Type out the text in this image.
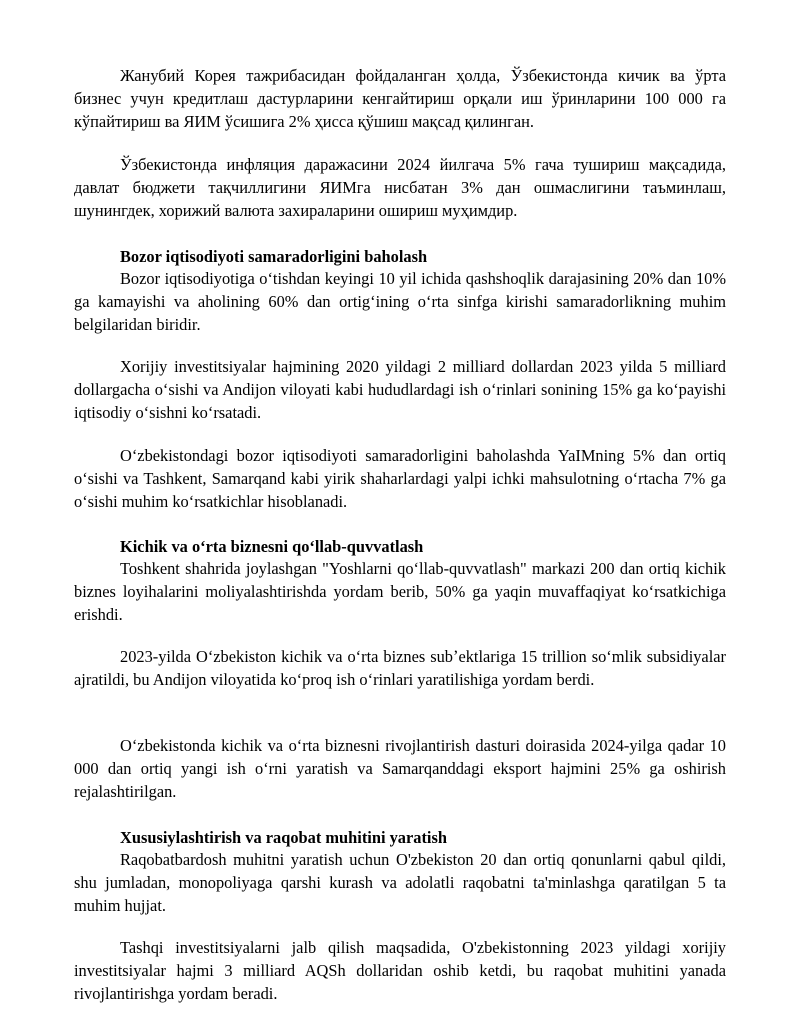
Жанубий Корея тажрибасидан фойдаланган ҳолда, Ўзбекистонда кичик ва ўрта бизнес учун кредитлаш дастурларини кенгайтириш орқали иш ўринларини 100 000 га кўпайтириш ва ЯИМ ўсишига 2% ҳисса қўшиш мақсад қилинган.

Ўзбекистонда инфляция даражасини 2024 йилгача 5% гача тушириш мақсадида, давлат бюджети тақчиллигини ЯИМга нисбатан 3% дан ошмаслигини таъминлаш, шунингдек, хорижий валюта захираларини ошириш муҳимдир.

Bozor iqtisodiyoti samaradorligini baholash

Bozor iqtisodiyotiga oʻtishdan keyingi 10 yil ichida qashshoqlik darajasining 20% dan 10% ga kamayishi va aholining 60% dan ortigʻining oʻrta sinfga kirishi samaradorlikning muhim belgilaridan biridir.

Xorijiy investitsiyalar hajmining 2020 yildagi 2 milliard dollardan 2023 yilda 5 milliard dollargacha oʻsishi va Andijon viloyati kabi hududlardagi ish oʻrinlari sonining 15% ga koʻpayishi iqtisodiy oʻsishni koʻrsatadi.

Oʻzbekistondagi bozor iqtisodiyoti samaradorligini baholashda YaIMning 5% dan ortiq oʻsishi va Tashkent, Samarqand kabi yirik shaharlardagi yalpi ichki mahsulotning oʻrtacha 7% ga oʻsishi muhim koʻrsatkichlar hisoblanadi.

Kichik va oʻrta biznesni qoʻllab-quvvatlash

Toshkent shahrida joylashgan "Yoshlarni qoʻllab-quvvatlash" markazi 200 dan ortiq kichik biznes loyihalarini moliyalashtirishda yordam berib, 50% ga yaqin muvaffaqiyat koʻrsatkichiga erishdi.

2023-yilda Oʻzbekiston kichik va oʻrta biznes subʼektlariga 15 trillion soʻmlik subsidiyalar ajratildi, bu Andijon viloyatida koʻproq ish oʻrinlari yaratilishiga yordam berdi.

Oʻzbekistonda kichik va oʻrta biznesni rivojlantirish dasturi doirasida 2024-yilga qadar 10 000 dan ortiq yangi ish oʻrni yaratish va Samarqanddagi eksport hajmini 25% ga oshirish rejalashtirilgan.

Xususiylashtirish va raqobat muhitini yaratish

Raqobatbardosh muhitni yaratish uchun O'zbekiston 20 dan ortiq qonunlarni qabul qildi, shu jumladan, monopoliyaga qarshi kurash va adolatli raqobatni ta'minlashga qaratilgan 5 ta muhim hujjat.

Tashqi investitsiyalarni jalb qilish maqsadida, O'zbekistonning 2023 yildagi xorijiy investitsiyalar hajmi 3 milliard AQSh dollaridan oshib ketdi, bu raqobat muhitini yanada rivojlantirishga yordam beradi.
